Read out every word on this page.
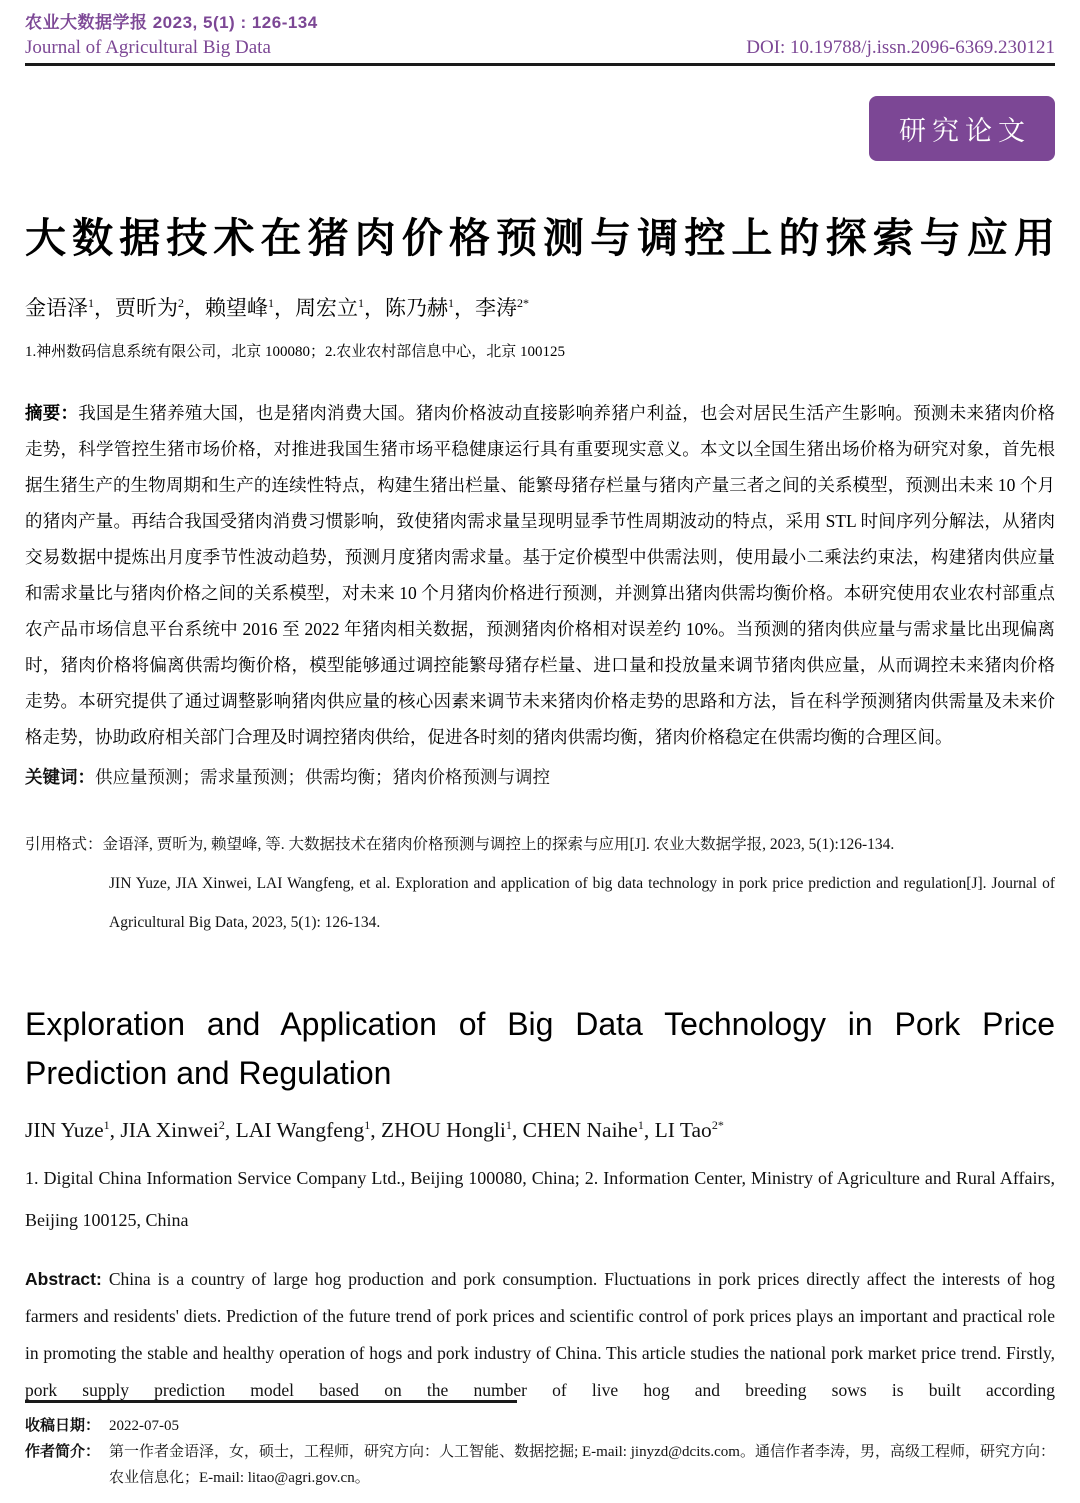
农业大数据学报 2023, 5(1) : 126-134
Journal of Agricultural Big Data	DOI: 10.19788/j.issn.2096-6369.230121
研究论文
大数据技术在猪肉价格预测与调控上的探索与应用
金语泽$^1$，贾昕为$^2$，赖望峰$^1$，周宏立$^1$，陈乃赫$^1$，李涛$^{2*}$
1.神州数码信息系统有限公司，北京 100080；2.农业农村部信息中心，北京 100125

摘要：我国是生猪养殖大国，也是猪肉消费大国。猪肉价格波动直接影响养猪户利益，也会对居民生活产生影响。预测未来猪肉价格走势，科学管控生猪市场价格，对推进我国生猪市场平稳健康运行具有重要现实意义。本文以全国生猪出场价格为研究对象，首先根据生猪生产的生物周期和生产的连续性特点，构建生猪出栏量、能繁母猪存栏量与猪肉产量三者之间的关系模型，预测出未来 10 个月的猪肉产量。再结合我国受猪肉消费习惯影响，致使猪肉需求量呈现明显季节性周期波动的特点，采用 STL 时间序列分解法，从猪肉交易数据中提炼出月度季节性波动趋势，预测月度猪肉需求量。基于定价模型中供需法则，使用最小二乘法约束法，构建猪肉供应量和需求量比与猪肉价格之间的关系模型，对未来 10 个月猪肉价格进行预测，并测算出猪肉供需均衡价格。本研究使用农业农村部重点农产品市场信息平台系统中 2016 至 2022 年猪肉相关数据，预测猪肉价格相对误差约 10%。当预测的猪肉供应量与需求量比出现偏离时，猪肉价格将偏离供需均衡价格，模型能够通过调控能繁母猪存栏量、进口量和投放量来调节猪肉供应量，从而调控未来猪肉价格走势。本研究提供了通过调整影响猪肉供应量的核心因素来调节未来猪肉价格走势的思路和方法，旨在科学预测猪肉供需量及未来价格走势，协助政府相关部门合理及时调控猪肉供给，促进各时刻的猪肉供需均衡，猪肉价格稳定在供需均衡的合理区间。

关键词：供应量预测；需求量预测；供需均衡；猪肉价格预测与调控

引用格式：金语泽, 贾昕为, 赖望峰, 等. 大数据技术在猪肉价格预测与调控上的探索与应用[J]. 农业大数据学报, 2023, 5(1):126-134.

JIN Yuze, JIA Xinwei, LAI Wangfeng, et al. Exploration and application of big data technology in pork price prediction and regulation[J]. Journal of Agricultural Big Data, 2023, 5(1): 126-134.

Exploration and Application of Big Data Technology in Pork Price Prediction and Regulation
JIN Yuze$^1$, JIA Xinwei$^2$, LAI Wangfeng$^1$, ZHOU Hongli$^1$, CHEN Naihe$^1$, LI Tao$^{2*}$
1. Digital China Information Service Company Ltd., Beijing 100080, China; 2. Information Center, Ministry of Agriculture and Rural Affairs, Beijing 100125, China

Abstract: China is a country of large hog production and pork consumption. Fluctuations in pork prices directly affect the interests of hog farmers and residents' diets. Prediction of the future trend of pork prices and scientific control of pork prices plays an important and practical role in promoting the stable and healthy operation of hogs and pork industry of China. This article studies the national pork market price trend. Firstly, pork supply prediction model based on the number of live hog and breeding sows is built according

收稿日期： 2022-07-05
作者简介： 第一作者金语泽，女，硕士，工程师，研究方向：人工智能、数据挖掘; E-mail: jinyzd@dcits.com。通信作者李涛，男，高级工程师，研究方向：农业信息化；E-mail: litao@agri.gov.cn。
